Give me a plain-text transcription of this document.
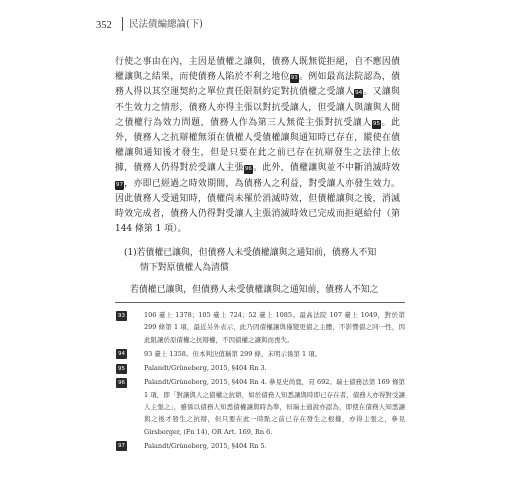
352	民法債編總論(下)

行使之事由在內，主因是債權之讓與，債務人既無從拒絕，自不應因債權讓與之結果，而使債務人陷於不利之地位93。例如最高法院認為，債務人得以其空運契約之單位責任限制約定對抗債權之受讓人94。又讓與不生效力之情形，債務人亦得主張以對抗受讓人，但受讓人與讓與人間之債權行為效力問題，債務人作為第三人無從主張對抗受讓人95。此外，債務人之抗辯權無須在債權人受債權讓與通知時已存在，縱使在債權讓與通知後才發生，但是只要在此之前已存在抗辯發生之法律上依據，債務人仍得對於受讓人主張96。此外，債權讓與並不中斷消滅時效97，亦即已經過之時效期間，為債務人之利益，對受讓人亦發生效力。因此債務人受通知時，債權尚未罹於消滅時效，但債權讓與之後，消滅時效完成者，債務人仍得對受讓人主張消滅時效已完成而拒絕給付（第 144 條第 1 項）。

(1)若債權已讓與，但債務人未受債權讓與之通知前，債務人不知
情下對原債權人為清償
若債權已讓與，但債務人未受債權讓與之通知前，債務人不知之
93	106 臺上 1378；105 臺上 724；52 臺上 1085。最高法院 107 臺上 1049，對於第 299 條第 1 項，最近另外表示，此乃因債權讓與僅變更債之主體，不影響債之同一性，因此阻讓於原債權之抗辯權，不因債權之讓與而喪失。
94	93 臺上 1358。但本判決值稱第 299 條，未明示係第 1 項。
95	Palandt/Grüneberg, 2015, §404 Rn 3.
96	Palandt/Grüneberg, 2015, §404 Rn 4. 參見史尚寬，頁 692。瑞士債務法第 169 條第 1 項，即「對讓與人之債權之抗辯，如於債務人知悉讓與時即已存在者，債務人亦得對受讓人主張之」，雖係以債務人知悉債權讓與時為準，但瑞士通說亦認為，即使在債務人知悉讓與之後才發生之抗辯，但只要在此一時點之前已存在發生之根據，亦得主張之，參見 Girsberger, (Fn 14), OR Art. 169, Rn 6.
97	Palandt/Grüneberg, 2015, §404 Rn 5.
